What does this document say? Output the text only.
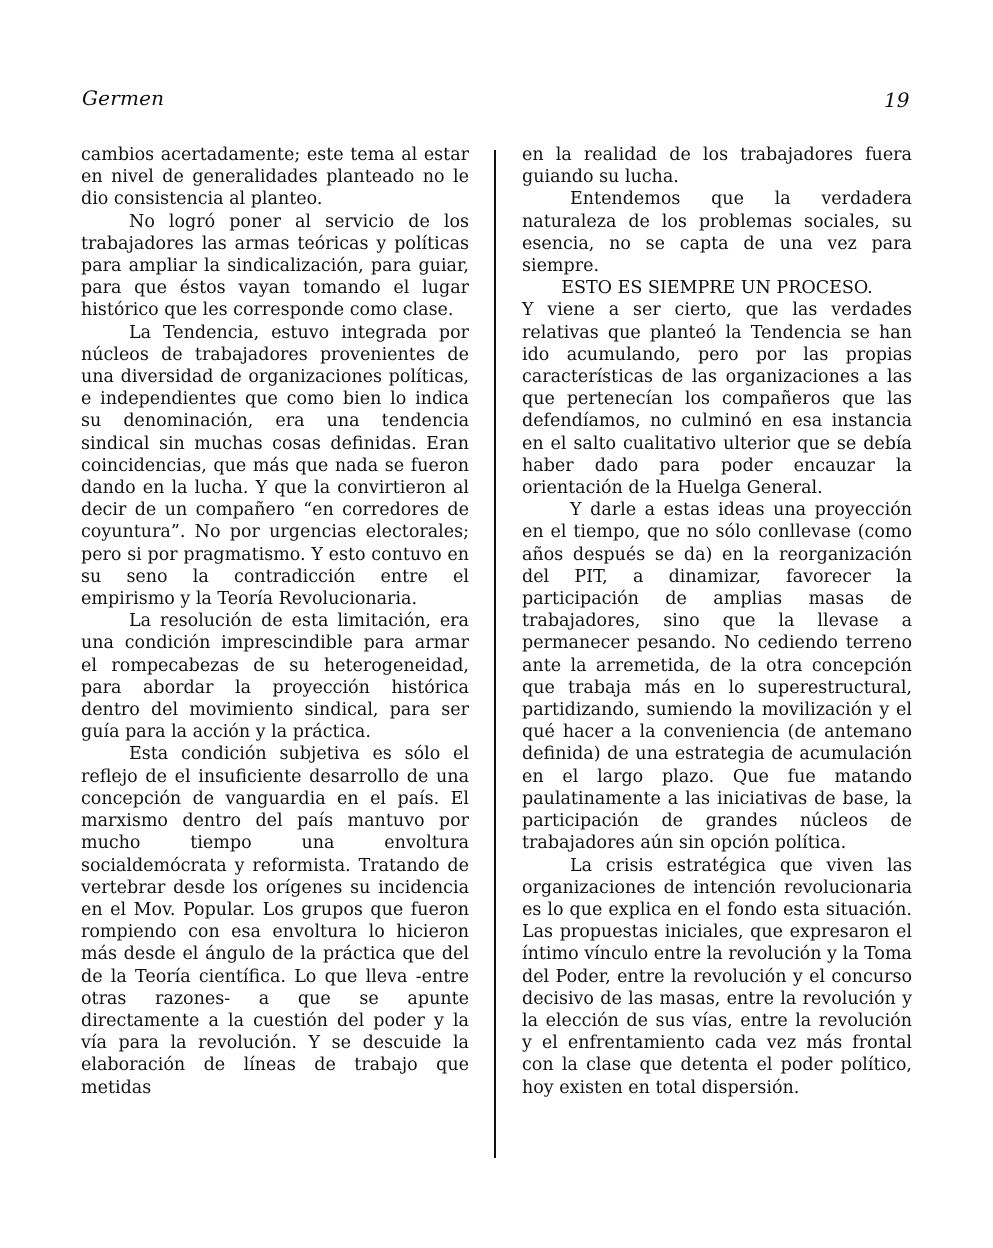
Germen	19

cambios acertadamente; este tema al estar en nivel de generalidades planteado no le dio consistencia al planteo.

No logró poner al servicio de los trabajadores las armas teóricas y políticas para ampliar la sindicalización, para guiar, para que éstos vayan tomando el lugar histórico que les corresponde como clase.

La Tendencia, estuvo integrada por núcleos de trabajadores provenientes de una diversidad de organizaciones políticas, e independientes que como bien lo indica su denominación, era una tendencia sindical sin muchas cosas definidas. Eran coincidencias, que más que nada se fueron dando en la lucha. Y que la convirtieron al decir de un compañero “en corredores de coyuntura”. No por urgencias electorales; pero si por pragmatismo. Y esto contuvo en su seno la contradicción entre el empirismo y la Teoría Revolucionaria.

La resolución de esta limitación, era una condición imprescindible para armar el rompecabezas de su heterogeneidad, para abordar la proyección histórica dentro del movimiento sindical, para ser guía para la acción y la práctica.

Esta condición subjetiva es sólo el reflejo de el insuficiente desarrollo de una concepción de vanguardia en el país. El marxismo dentro del país mantuvo por mucho tiempo una envoltura socialdemócrata y reformista. Tratando de vertebrar desde los orígenes su incidencia en el Mov. Popular. Los grupos que fueron rompiendo con esa envoltura lo hicieron más desde el ángulo de la práctica que del de la Teoría científica. Lo que lleva -entre otras razones- a que se apunte directamente a la cuestión del poder y la vía para la revolución. Y se descuide la elaboración de líneas de trabajo que metidas

en la realidad de los trabajadores fuera guiando su lucha.

Entendemos que la verdadera naturaleza de los problemas sociales, su esencia, no se capta de una vez para siempre.

ESTO ES SIEMPRE UN PROCESO.

Y viene a ser cierto, que las verdades relativas que planteó la Tendencia se han ido acumulando, pero por las propias características de las organizaciones a las que pertenecían los compañeros que las defendíamos, no culminó en esa instancia en el salto cualitativo ulterior que se debía haber dado para poder encauzar la orientación de la Huelga General.

Y darle a estas ideas una proyección en el tiempo, que no sólo conllevase (como años después se da) en la reorganización del PIT, a dinamizar, favorecer la participación de amplias masas de trabajadores, sino que la llevase a permanecer pesando. No cediendo terreno ante la arremetida, de la otra concepción que trabaja más en lo superestructural, partidizando, sumiendo la movilización y el qué hacer a la conveniencia (de antemano definida) de una estrategia de acumulación en el largo plazo. Que fue matando paulatinamente a las iniciativas de base, la participación de grandes núcleos de trabajadores aún sin opción política.

La crisis estratégica que viven las organizaciones de intención revolucionaria es lo que explica en el fondo esta situación. Las propuestas iniciales, que expresaron el íntimo vínculo entre la revolución y la Toma del Poder, entre la revolución y el concurso decisivo de las masas, entre la revolución y la elección de sus vías, entre la revolución y el enfrentamiento cada vez más frontal con la clase que detenta el poder político, hoy existen en total dispersión.
